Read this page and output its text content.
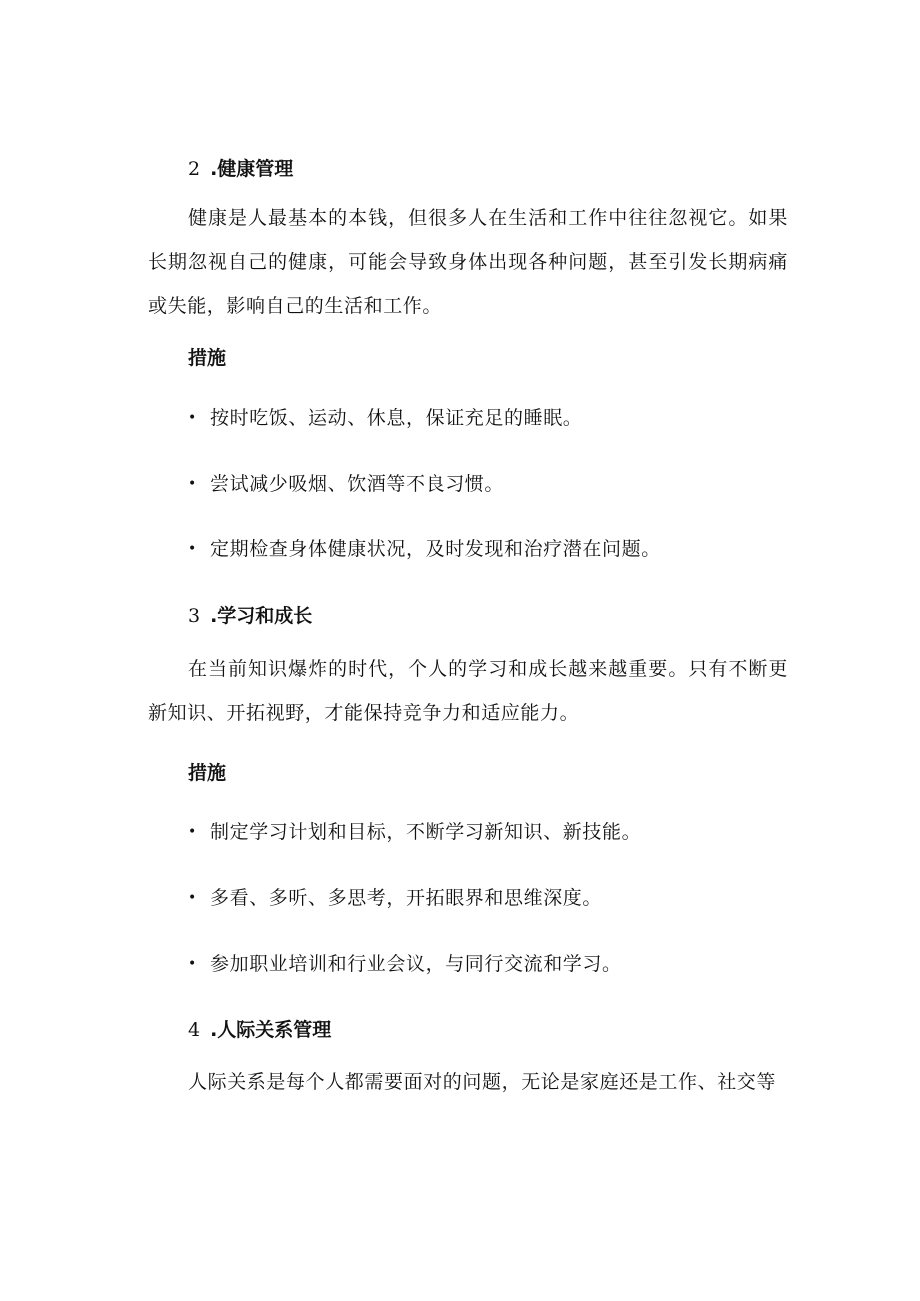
2 .健康管理
健康是人最基本的本钱，但很多人在生活和工作中往往忽视它。如果长期忽视自己的健康，可能会导致身体出现各种问题，甚至引发长期病痛或失能，影响自己的生活和工作。
措施
• 按时吃饭、运动、休息，保证充足的睡眠。
• 尝试减少吸烟、饮酒等不良习惯。
• 定期检查身体健康状况，及时发现和治疗潜在问题。
3 .学习和成长
在当前知识爆炸的时代，个人的学习和成长越来越重要。只有不断更新知识、开拓视野，才能保持竞争力和适应能力。
措施
• 制定学习计划和目标，不断学习新知识、新技能。
• 多看、多听、多思考，开拓眼界和思维深度。
• 参加职业培训和行业会议，与同行交流和学习。
4 .人际关系管理
人际关系是每个人都需要面对的问题，无论是家庭还是工作、社交等
